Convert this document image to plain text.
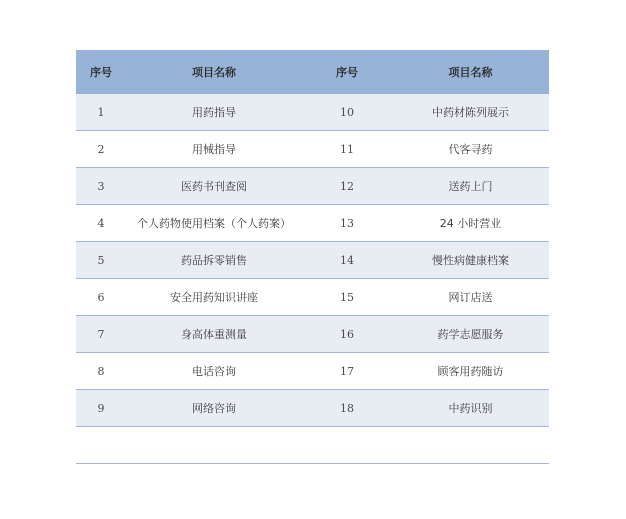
序号	项目名称	序号	项目名称
1	用药指导	10	中药材陈列展示
2	用械指导	11	代客寻药
3	医药书刊查阅	12	送药上门
4	个人药物使用档案（个人药案）	13	24 小时营业
5	药品拆零销售	14	慢性病健康档案
6	安全用药知识讲座	15	网订店送
7	身高体重测量	16	药学志愿服务
8	电话咨询	17	顾客用药随访
9	网络咨询	18	中药识别
